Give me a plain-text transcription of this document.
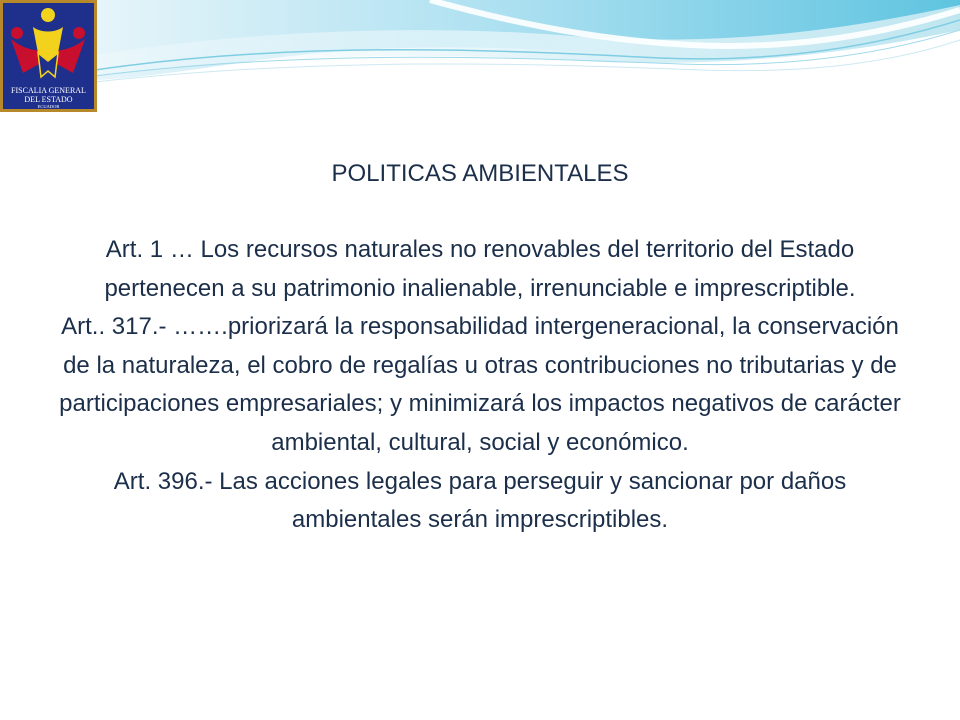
FISCALIA GENERAL
DEL ESTADO
ECUADOR

POLITICAS AMBIENTALES

Art. 1 … Los recursos naturales no renovables del territorio del Estado pertenecen a su patrimonio inalienable, irrenunciable e imprescriptible.

Art.. 317.- …….priorizará la responsabilidad intergeneracional, la conservación de la naturaleza, el cobro de regalías u otras contribuciones no tributarias y de participaciones empresariales; y minimizará los impactos negativos de carácter ambiental, cultural, social y económico.

Art. 396.- Las acciones legales para perseguir y sancionar por daños ambientales serán imprescriptibles.
